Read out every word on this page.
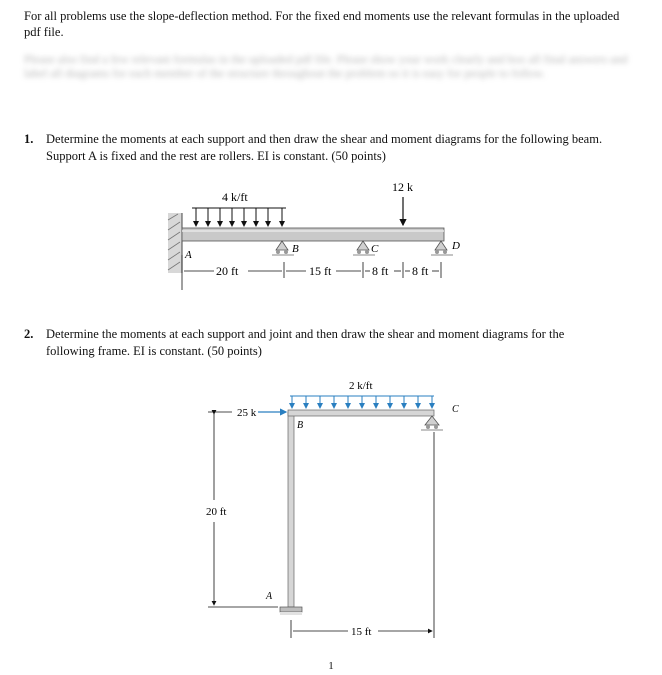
For all problems use the slope-deflection method. For the fixed end moments use the relevant formulas in the uploaded pdf file.

Please also find a few relevant formulas in the uploaded pdf file. Please show your work clearly and box all final answers and label all diagrams for each member of the structure throughout the problem so it is easy for people to follow.

1. Determine the moments at each support and then draw the shear and moment diagrams for the following beam.
Support A is fixed and the rest are rollers. EI is constant. (50 points)
4 k/ft
12 k
A	B	C	D
20 ft	15 ft	8 ft 8 ft
2 k/ft
25 k
B
C
A
20 ft
15 ft
2. Determine the moments at each support and joint and then draw the shear and moment diagrams for the
following frame. EI is constant. (50 points)
1
